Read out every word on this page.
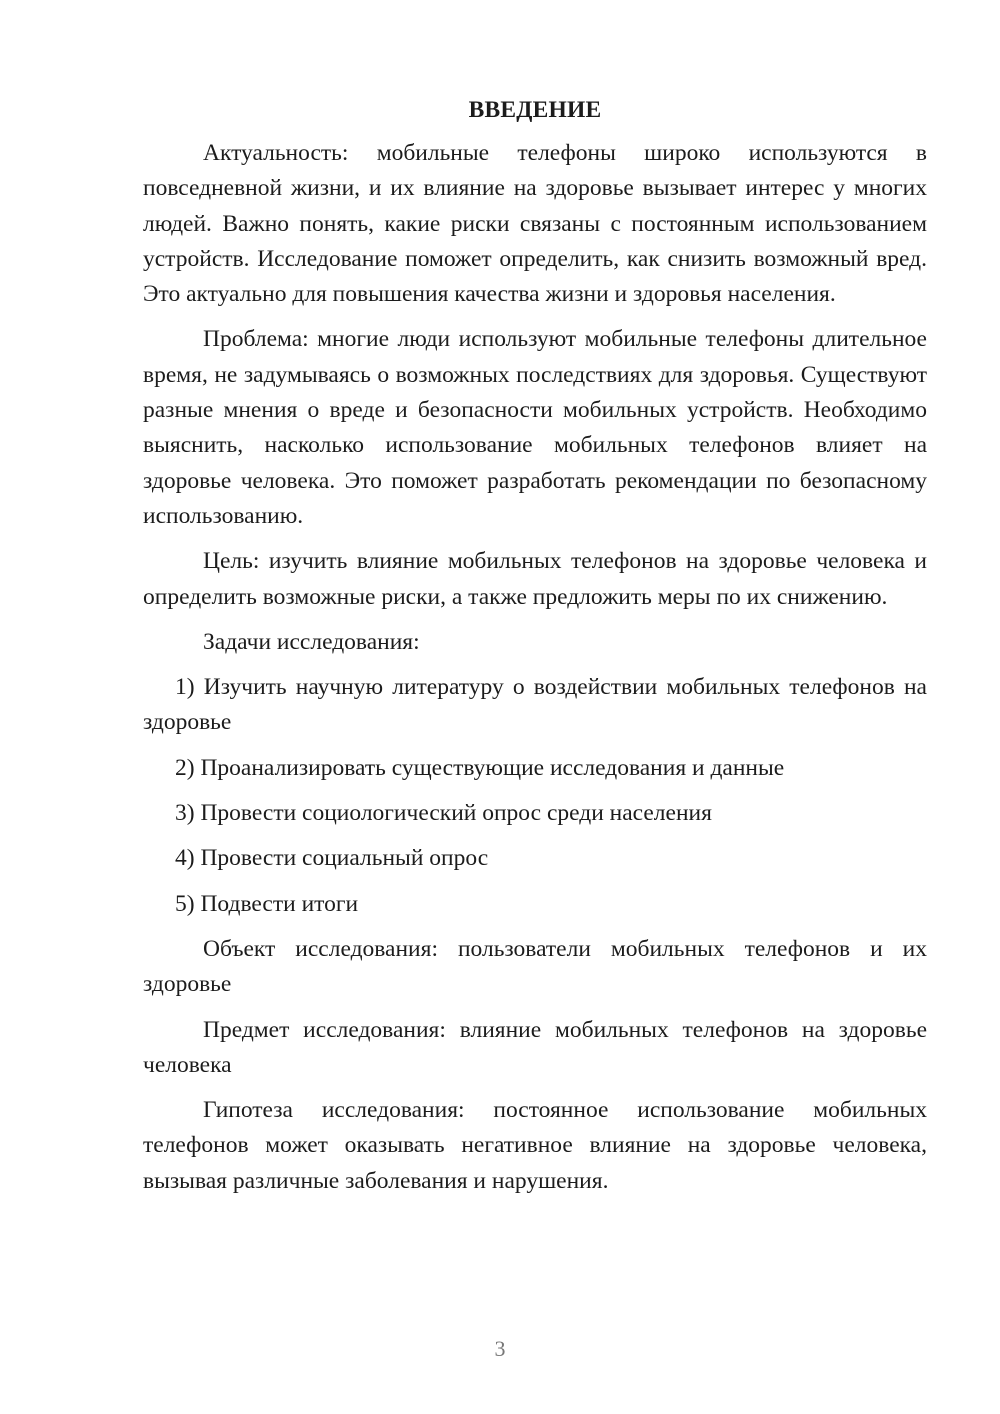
ВВЕДЕНИЕ

Актуальность: мобильные телефоны широко используются в повседневной жизни, и их влияние на здоровье вызывает интерес у многих людей. Важно понять, какие риски связаны с постоянным использованием устройств. Исследование поможет определить, как снизить возможный вред. Это актуально для повышения качества жизни и здоровья населения.

Проблема: многие люди используют мобильные телефоны длительное время, не задумываясь о возможных последствиях для здоровья. Существуют разные мнения о вреде и безопасности мобильных устройств. Необходимо выяснить, насколько использование мобильных телефонов влияет на здоровье человека. Это поможет разработать рекомендации по безопасному использованию.

Цель: изучить влияние мобильных телефонов на здоровье человека и определить возможные риски, а также предложить меры по их снижению.

Задачи исследования:

1) Изучить научную литературу о воздействии мобильных телефонов на здоровье

2) Проанализировать существующие исследования и данные

3) Провести социологический опрос среди населения

4) Провести социальный опрос

5) Подвести итоги

Объект исследования: пользователи мобильных телефонов и их здоровье

Предмет исследования: влияние мобильных телефонов на здоровье человека

Гипотеза исследования: постоянное использование мобильных телефонов может оказывать негативное влияние на здоровье человека, вызывая различные заболевания и нарушения.

3
